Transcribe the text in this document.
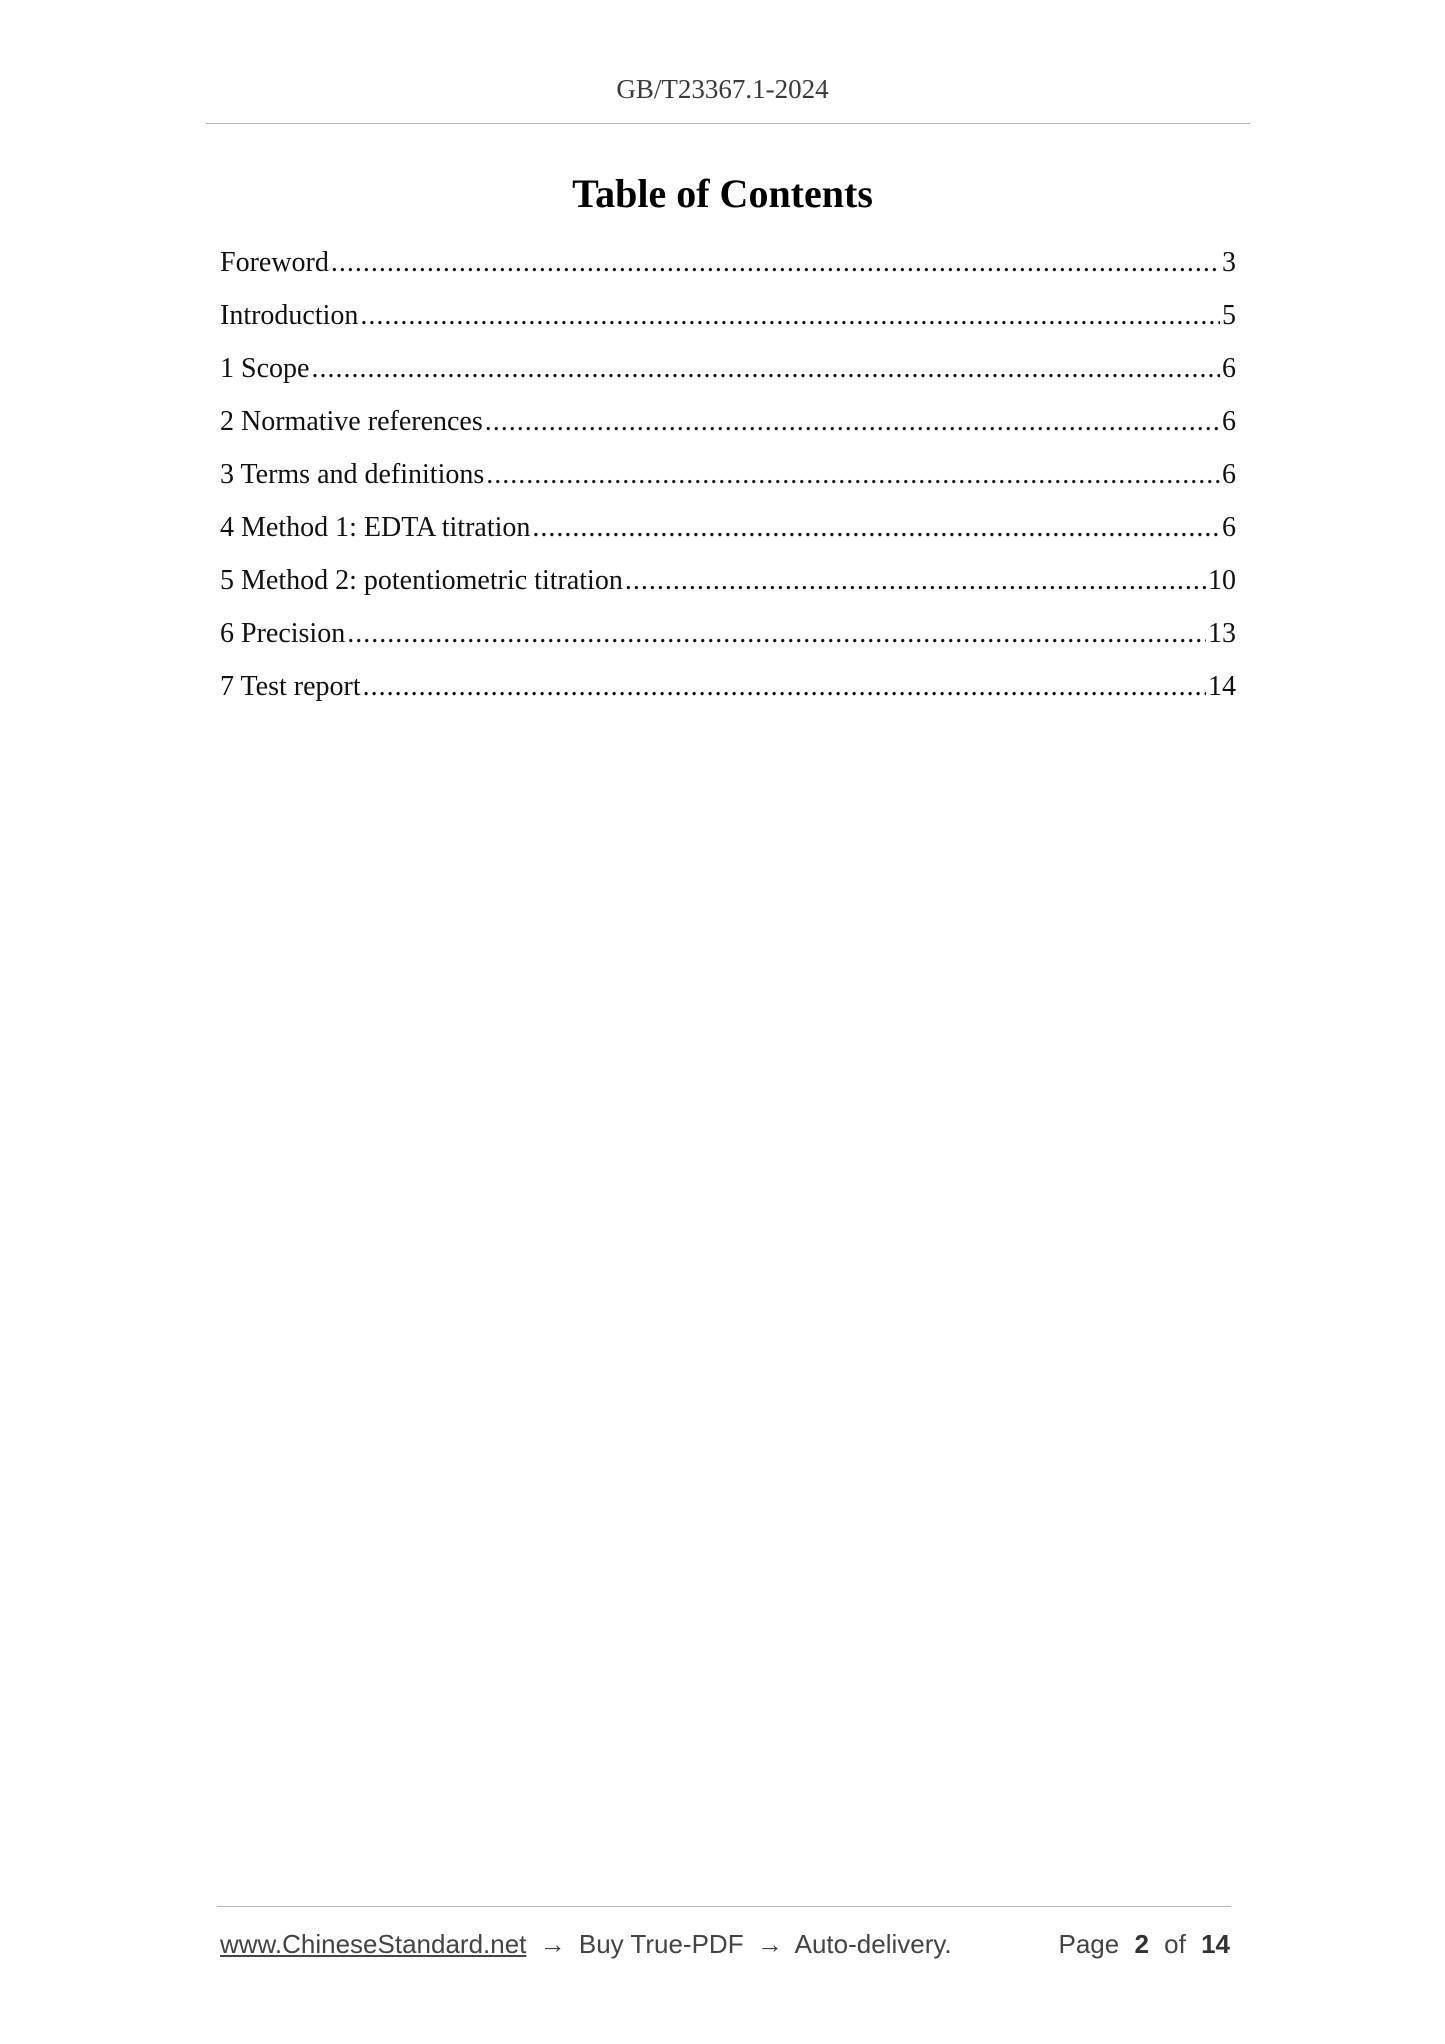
GB/T23367.1-2024
Table of Contents
Foreword .....	3
Introduction .....	5
1 Scope .....	6
2 Normative references .....	6
3 Terms and definitions .....	6
4 Method 1: EDTA titration .....	6
5 Method 2: potentiometric titration .....	10
6 Precision .....	13
7 Test report .....	14
www.ChineseStandard.net → Buy True-PDF → Auto-delivery.	Page 2 of 14
